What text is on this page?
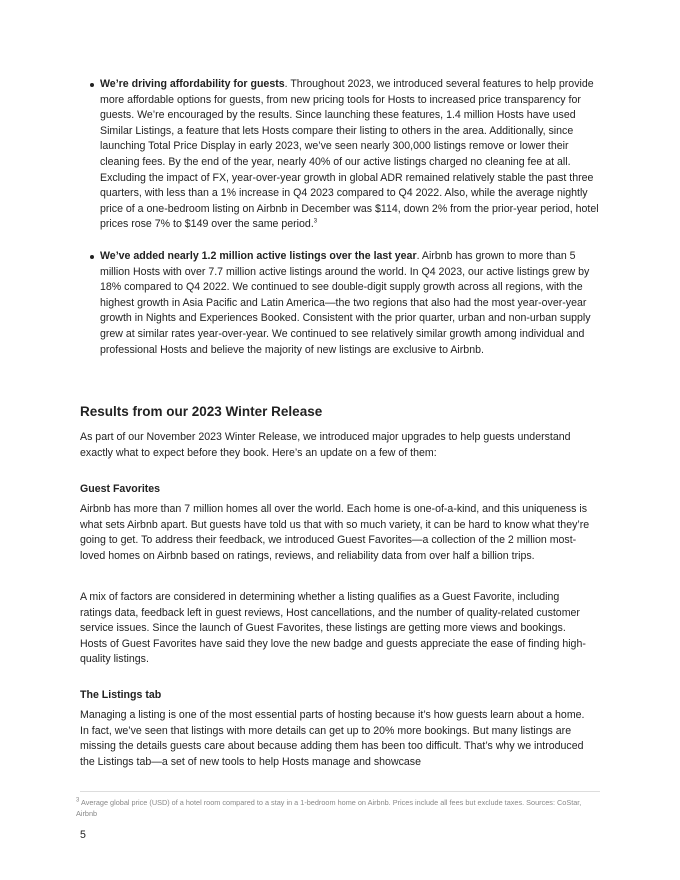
We’re driving affordability for guests. Throughout 2023, we introduced several features to help provide more affordable options for guests, from new pricing tools for Hosts to increased price transparency for guests. We’re encouraged by the results. Since launching these features, 1.4 million Hosts have used Similar Listings, a feature that lets Hosts compare their listing to others in the area. Additionally, since launching Total Price Display in early 2023, we’ve seen nearly 300,000 listings remove or lower their cleaning fees. By the end of the year, nearly 40% of our active listings charged no cleaning fee at all. Excluding the impact of FX, year-over-year growth in global ADR remained relatively stable the past three quarters, with less than a 1% increase in Q4 2023 compared to Q4 2022. Also, while the average nightly price of a one-bedroom listing on Airbnb in December was $114, down 2% from the prior-year period, hotel prices rose 7% to $149 over the same period.$^3$
We’ve added nearly 1.2 million active listings over the last year. Airbnb has grown to more than 5 million Hosts with over 7.7 million active listings around the world. In Q4 2023, our active listings grew by 18% compared to Q4 2022. We continued to see double-digit supply growth across all regions, with the highest growth in Asia Pacific and Latin America—the two regions that also had the most year-over-year growth in Nights and Experiences Booked. Consistent with the prior quarter, urban and non-urban supply grew at similar rates year-over-year. We continued to see relatively similar growth among individual and professional Hosts and believe the majority of new listings are exclusive to Airbnb.
Results from our 2023 Winter Release

As part of our November 2023 Winter Release, we introduced major upgrades to help guests understand exactly what to expect before they book. Here’s an update on a few of them:

Guest Favorites

Airbnb has more than 7 million homes all over the world. Each home is one-of-a-kind, and this uniqueness is what sets Airbnb apart. But guests have told us that with so much variety, it can be hard to know what they’re going to get. To address their feedback, we introduced Guest Favorites—a collection of the 2 million most-loved homes on Airbnb based on ratings, reviews, and reliability data from over half a billion trips.

A mix of factors are considered in determining whether a listing qualifies as a Guest Favorite, including ratings data, feedback left in guest reviews, Host cancellations, and the number of quality-related customer service issues. Since the launch of Guest Favorites, these listings are getting more views and bookings. Hosts of Guest Favorites have said they love the new badge and guests appreciate the ease of finding high-quality listings.

The Listings tab

Managing a listing is one of the most essential parts of hosting because it’s how guests learn about a home. In fact, we’ve seen that listings with more details can get up to 20% more bookings. But many listings are missing the details guests care about because adding them has been too difficult. That’s why we introduced the Listings tab—a set of new tools to help Hosts manage and showcase

$^3$ Average global price (USD) of a hotel room compared to a stay in a 1-bedroom home on Airbnb. Prices include all fees but exclude taxes. Sources: CoStar, Airbnb
5
